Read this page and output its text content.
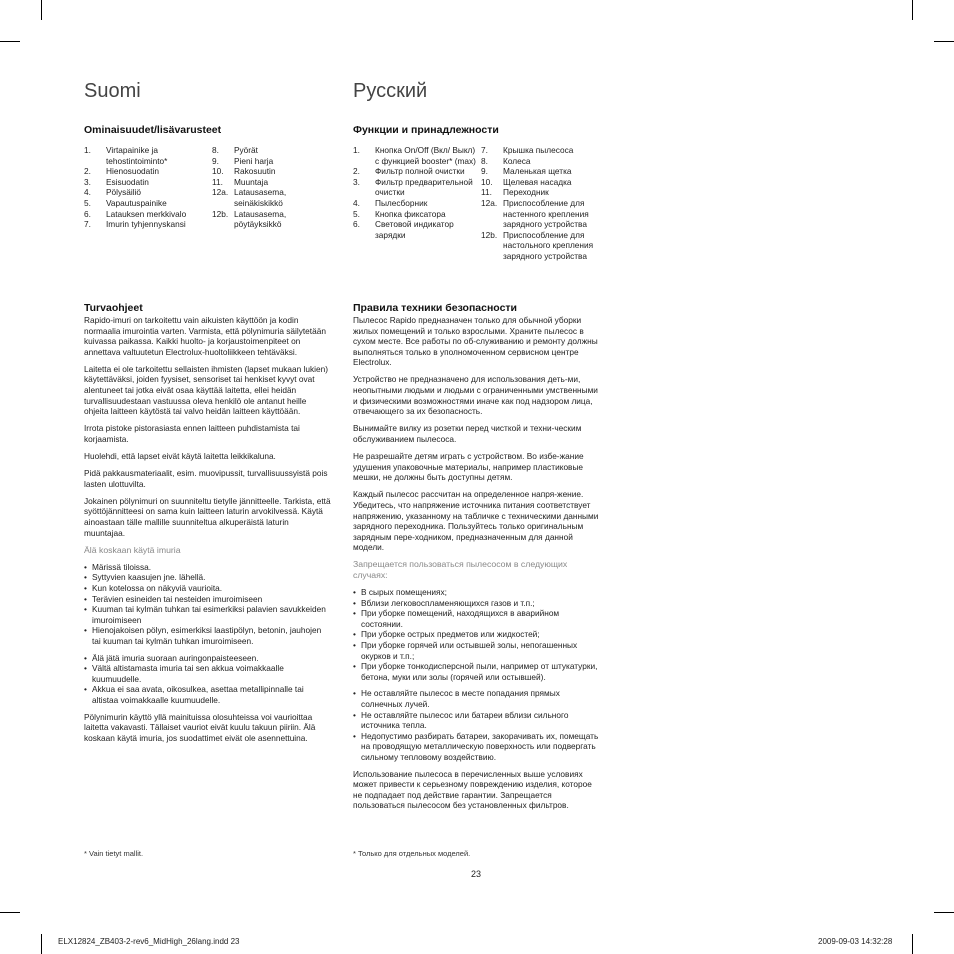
Suomi
Ominaisuudet/lisävarusteet
1.	Virtapainike ja tehostintoiminto*
2.	Hienosuodatin
3.	Esisuodatin
4.	Pölysäiliö
5.	Vapautuspainike
6.	Latauksen merkkivalo
7.	Imurin tyhjennyskansi
8.	Pyörät
9.	Pieni harja
10.	Rakosuutin
11.	Muuntaja
12a. Latausasema, seinäkiskikkö
12b. Latausasema, pöytäyksikkö
Turvaohjeet

Rapido-imuri on tarkoitettu vain aikuisten käyttöön ja kodin normaalia imurointia varten. Varmista, että pölynimuria säilytetään kuivassa paikassa. Kaikki huolto- ja korjaustoimenpiteet on annettava valtuutetun Electrolux-huoltoliikkeen tehtäväksi.

Laitetta ei ole tarkoitettu sellaisten ihmisten (lapset mukaan lukien) käytettäväksi, joiden fyysiset, sensoriset tai henkiset kyvyt ovat alentuneet tai jotka eivät osaa käyttää laitetta, ellei heidän turvallisuudestaan vastuussa oleva henkilö ole antanut heille ohjeita laitteen käytöstä tai valvo heidän laitteen käyttöään.

Irrota pistoke pistorasiasta ennen laitteen puhdistamista tai korjaamista.

Huolehdi, että lapset eivät käytä laitetta leikkikaluna.

Pidä pakkausmateriaalit, esim. muovipussit, turvallisuussyistä pois lasten ulottuvilta.

Jokainen pölynimuri on suunniteltu tietylle jännitteelle. Tarkista, että syöttöjännitteesi on sama kuin laitteen laturin arvokilvessä. Käytä ainoastaan tälle mallille suunniteltua alkuperäistä laturin muuntajaa.

Älä koskaan käytä imuria

• Märissä tiloissa.
• Syttyvien kaasujen jne. lähellä.
• Kun kotelossa on näkyviä vaurioita.
• Terävien esineiden tai nesteiden imuroimiseen
• Kuuman tai kylmän tuhkan tai esimerkiksi palavien savukkeiden imuroimiseen
• Hienojakoisen pölyn, esimerkiksi laastipölyn, betonin, jauhojen tai kuuman tai kylmän tuhkan imuroimiseen.
• Älä jätä imuria suoraan auringonpaisteeseen.
• Vältä altistamasta imuria tai sen akkua voimakkaalle kuumuudelle.
• Akkua ei saa avata, oikosulkea, asettaa metallipinnalle tai altistaa voimakkaalle kuumuudelle.

Pölynimurin käyttö yllä mainituissa olosuhteissa voi vaurioittaa laitetta vakavasti. Tällaiset vauriot eivät kuulu takuun piiriin. Älä koskaan käytä imuria, jos suodattimet eivät ole asennettuina.

* Vain tietyt mallit.
Русский
Функции и принадлежности
1.	Кнопка On/Off (Вкл/ Выкл) с функцией booster* (max)
2.	Фильтр полной очистки
3.	Фильтр предварительной очистки
4.	Пылесборник
5.	Кнопка фиксатора
6.	Световой индикатор зарядки
7.	Крышка пылесоса
8.	Колеса
9.	Маленькая щетка
10.	Щелевая насадка
11.	Переходник
12a. Приспособление для настенного крепления зарядного устройства
12b. Приспособление для настольного крепления зарядного устройства
Правила техники безопасности

Пылесос Rapido предназначен только для обычной уборки жилых помещений и только взрослыми. Храните пылесос в сухом месте. Все работы по об-служиванию и ремонту должны выполняться только в уполномоченном сервисном центре Electrolux.

Устройство не предназначено для использования деть-ми, неопытными людьми и людьми с ограниченными умственными и физическими возможностями иначе как под надзором лица, отвечающего за их безопасность.

Вынимайте вилку из розетки перед чисткой и техни-ческим обслуживанием пылесоса.

Не разрешайте детям играть с устройством. Во избе-жание удушения упаковочные материалы, например пластиковые мешки, не должны быть доступны детям.

Каждый пылесос рассчитан на определенное напря-жение. Убедитесь, что напряжение источника питания соответствует напряжению, указанному на табличке с техническими данными зарядного переходника. Пользуйтесь только оригинальным зарядным пере-ходником, предназначенным для данной модели.

Запрещается пользоваться пылесосом в следующих случаях:

• В сырых помещениях;
• Вблизи легковоспламеняющихся газов и т.п.;
• При уборке помещений, находящихся в аварийном состоянии.
• При уборке острых предметов или жидкостей;
• При уборке горячей или остывшей золы, непогашенных окурков и т.п.;
• При уборке тонкодисперсной пыли, например от штукатурки, бетона, муки или золы (горячей или остывшей).
• Не оставляйте пылесос в месте попадания прямых солнечных лучей.
• Не оставляйте пылесос или батареи вблизи сильного источника тепла.
• Недопустимо разбирать батареи, закорачивать их, помещать на проводящую металлическую поверхность или подвергать сильному тепловому воздействию.

Использование пылесоса в перечисленных выше условиях может привести к серьезному повреждению изделия, которое не подпадает под действие гарантии. Запрещается пользоваться пылесосом без установленных фильтров.

* Только для отдельных моделей.
23
ELX12824_ZB403-2-rev6_MidHigh_26lang.indd 23	2009-09-03 14:32:28
